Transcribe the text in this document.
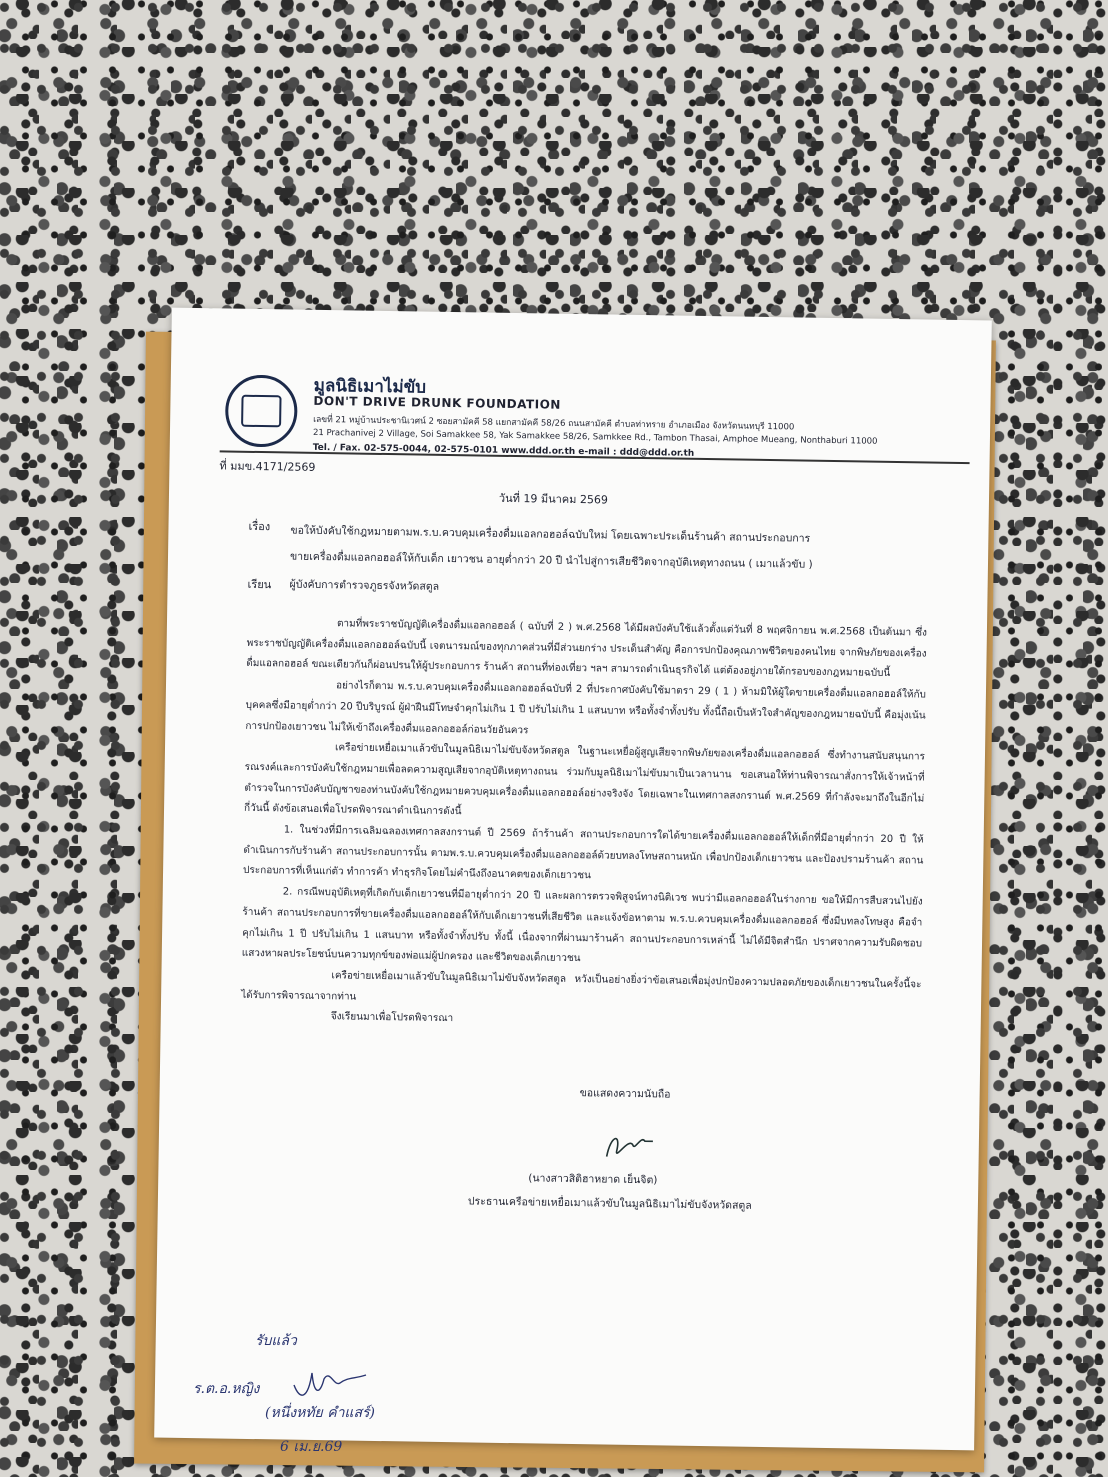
มูลนิธิเมาไม่ขับ
DON'T DRIVE DRUNK FOUNDATION
เลขที่ 21 หมู่บ้านประชานิเวศน์ 2 ซอยสามัคคี 58 แยกสามัคคี 58/26 ถนนสามัคคี ตำบลท่าทราย อำเภอเมือง จังหวัดนนทบุรี 11000
21 Prachanivej 2 Village, Soi Samakkee 58, Yak Samakkee 58/26, Samkkee Rd., Tambon Thasai, Amphoe Mueang, Nonthaburi 11000
Tel. / Fax. 02-575-0044, 02-575-0101 www.ddd.or.th e-mail : ddd@ddd.or.th
ที่ มมข.4171/2569
วันที่ 19 มีนาคม 2569
เรื่อง ขอให้บังคับใช้กฎหมายตามพ.ร.บ.ควบคุมเครื่องดื่มแอลกอฮอล์ฉบับใหม่ โดยเฉพาะประเด็นร้านค้า สถานประกอบการ
ขายเครื่องดื่มแอลกอฮอล์ให้กับเด็ก เยาวชน อายุต่ำกว่า 20 ปี นำไปสู่การเสียชีวิตจากอุบัติเหตุทางถนน ( เมาแล้วขับ )
เรียน ผู้บังคับการตำรวจภูธรจังหวัดสตูล

ตามที่พระราชบัญญัติเครื่องดื่มแอลกอฮอล์ ( ฉบับที่ 2 ) พ.ศ.2568 ได้มีผลบังคับใช้แล้วตั้งแต่วันที่ 8 พฤศจิกายน พ.ศ.2568 เป็นต้นมา ซึ่งพระราชบัญญัติเครื่องดื่มแอลกอฮอล์ฉบับนี้ เจตนารมณ์ของทุกภาคส่วนที่มีส่วนยกร่าง ประเด็นสำคัญ คือการปกป้องคุณภาพชีวิตของคนไทย จากพิษภัยของเครื่องดื่มแอลกอฮอล์ ขณะเดียวกันก็ผ่อนปรนให้ผู้ประกอบการ ร้านค้า สถานที่ท่องเที่ยว ฯลฯ สามารถดำเนินธุรกิจได้ แต่ต้องอยู่ภายใต้กรอบของกฎหมายฉบับนี้

อย่างไรก็ตาม พ.ร.บ.ควบคุมเครื่องดื่มแอลกอฮอล์ฉบับที่ 2 ที่ประกาศบังคับใช้มาตรา 29 ( 1 ) ห้ามมิให้ผู้ใดขายเครื่องดื่มแอลกอฮอล์ให้กับบุคคลซึ่งมีอายุต่ำกว่า 20 ปีบริบูรณ์ ผู้ฝ่าฝืนมีโทษจำคุกไม่เกิน 1 ปี ปรับไม่เกิน 1 แสนบาท หรือทั้งจำทั้งปรับ ทั้งนี้ถือเป็นหัวใจสำคัญของกฎหมายฉบับนี้ คือมุ่งเน้นการปกป้องเยาวชน ไม่ให้เข้าถึงเครื่องดื่มแอลกอฮอล์ก่อนวัยอันควร

เครือข่ายเหยื่อเมาแล้วขับในมูลนิธิเมาไม่ขับจังหวัดสตูล ในฐานะเหยื่อผู้สูญเสียจากพิษภัยของเครื่องดื่มแอลกอฮอล์ ซึ่งทำงานสนับสนุนการรณรงค์และการบังคับใช้กฎหมายเพื่อลดความสูญเสียจากอุบัติเหตุทางถนน ร่วมกับมูลนิธิเมาไม่ขับมาเป็นเวลานาน ขอเสนอให้ท่านพิจารณาสั่งการให้เจ้าหน้าที่ตำรวจในการบังคับบัญชาของท่านบังคับใช้กฎหมายควบคุมเครื่องดื่มแอลกอฮอล์อย่างจริงจัง โดยเฉพาะในเทศกาลสงกรานต์ พ.ศ.2569 ที่กำลังจะมาถึงในอีกไม่กี่วันนี้ ดังข้อเสนอเพื่อโปรดพิจารณาดำเนินการดังนี้

1. ในช่วงที่มีการเฉลิมฉลองเทศกาลสงกรานต์ ปี 2569 ถ้าร้านค้า สถานประกอบการใดได้ขายเครื่องดื่มแอลกอฮอล์ให้เด็กที่มีอายุต่ำกว่า 20 ปี ให้ดำเนินการกับร้านค้า สถานประกอบการนั้น ตามพ.ร.บ.ควบคุมเครื่องดื่มแอลกอฮอล์ด้วยบทลงโทษสถานหนัก เพื่อปกป้องเด็กเยาวชน และป้องปรามร้านค้า สถานประกอบการที่เห็นแก่ตัว ทำการค้า ทำธุรกิจโดยไม่คำนึงถึงอนาคตของเด็กเยาวชน

2. กรณีพบอุบัติเหตุที่เกิดกับเด็กเยาวชนที่มีอายุต่ำกว่า 20 ปี และผลการตรวจพิสูจน์ทางนิติเวช พบว่ามีแอลกอฮอล์ในร่างกาย ขอให้มีการสืบสวนไปยังร้านค้า สถานประกอบการที่ขายเครื่องดื่มแอลกอฮอล์ให้กับเด็กเยาวชนที่เสียชีวิต และแจ้งข้อหาตาม พ.ร.บ.ควบคุมเครื่องดื่มแอลกอฮอล์ ซึ่งมีบทลงโทษสูง คือจำคุกไม่เกิน 1 ปี ปรับไม่เกิน 1 แสนบาท หรือทั้งจำทั้งปรับ ทั้งนี้ เนื่องจากที่ผ่านมาร้านค้า สถานประกอบการเหล่านี้ ไม่ได้มีจิตสำนึก ปราศจากความรับผิดชอบ แสวงหาผลประโยชน์บนความทุกข์ของพ่อแม่ผู้ปกครอง และชีวิตของเด็กเยาวชน

เครือข่ายเหยื่อเมาแล้วขับในมูลนิธิเมาไม่ขับจังหวัดสตูล หวังเป็นอย่างยิ่งว่าข้อเสนอเพื่อมุ่งปกป้องความปลอดภัยของเด็กเยาวชนในครั้งนี้จะได้รับการพิจารณาจากท่าน

จึงเรียนมาเพื่อโปรดพิจารณา

ขอแสดงความนับถือ
(นางสาวสิติฮาหยาด เย็นจิต)
ประธานเครือข่ายเหยื่อเมาแล้วขับในมูลนิธิเมาไม่ขับจังหวัดสตูล
รับแล้ว
ร.ต.อ.หญิง
(หนึ่งหทัย คำแสร์)
6 เม.ย.69
